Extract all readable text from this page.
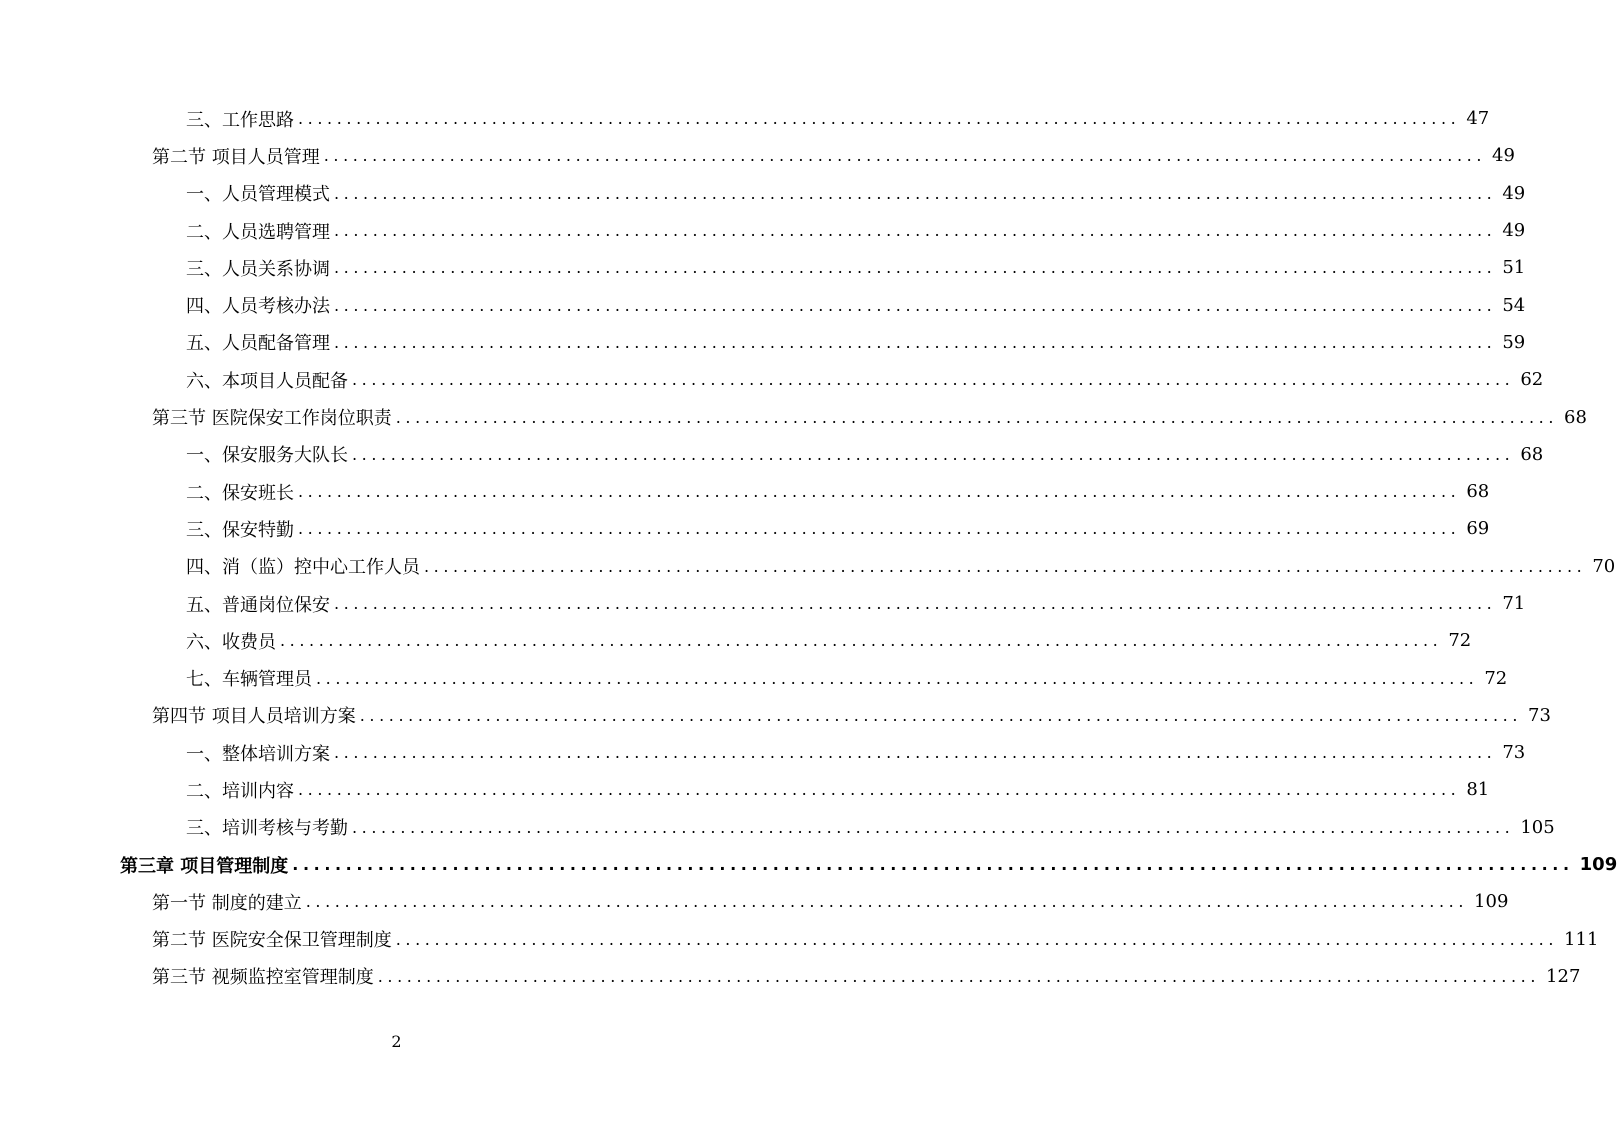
三、工作思路 ........................................................................................................................ 47
第二节 项目人员管理 ........................................................................................................................ 49
一、人员管理模式 ........................................................................................................................ 49
二、人员选聘管理 ........................................................................................................................ 49
三、人员关系协调 ........................................................................................................................ 51
四、人员考核办法 ........................................................................................................................ 54
五、人员配备管理 ........................................................................................................................ 59
六、本项目人员配备 ........................................................................................................................ 62
第三节 医院保安工作岗位职责 ........................................................................................................................ 68
一、保安服务大队长 ........................................................................................................................ 68
二、保安班长 ........................................................................................................................ 68
三、保安特勤 ........................................................................................................................ 69
四、消（监）控中心工作人员 ........................................................................................................................ 70
五、普通岗位保安 ........................................................................................................................ 71
六、收费员 ........................................................................................................................ 72
七、车辆管理员 ........................................................................................................................ 72
第四节 项目人员培训方案 ........................................................................................................................ 73
一、整体培训方案 ........................................................................................................................ 73
二、培训内容 ........................................................................................................................ 81
三、培训考核与考勤 ........................................................................................................................ 105
第三章 项目管理制度 ........................................................................................................................ 109
第一节 制度的建立 ........................................................................................................................ 109
第二节 医院安全保卫管理制度 ........................................................................................................................ 111
第三节 视频监控室管理制度 ........................................................................................................................ 127
2
